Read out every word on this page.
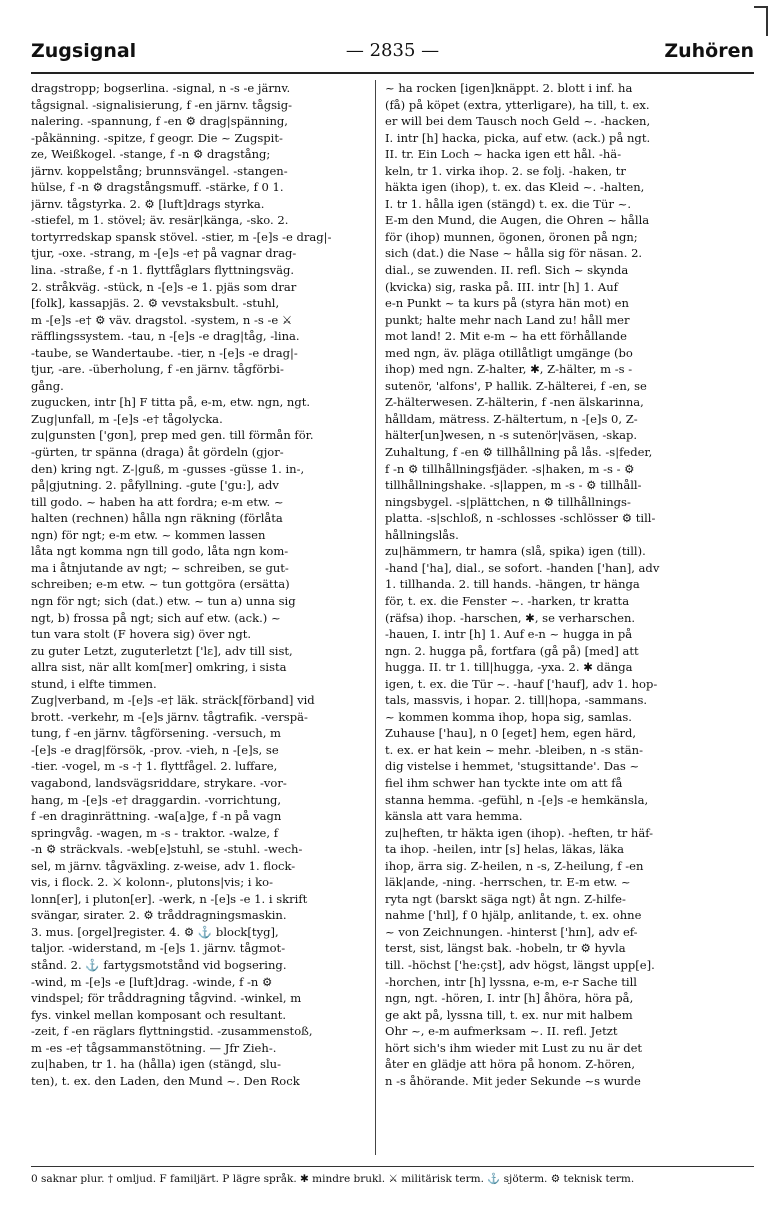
— 2835 —
Zugsignal	Zuhören
dragstropp; bogserlina. -signal, n -s -e järnv.
tågsignal. -signalisierung, f -en järnv. tågsig-
nalering. -spannung, f -en ⚙ drag|spänning,
-påkänning. -spitze, f geogr. Die ~ Zugspit-
ze, Weißkogel. -stange, f -n ⚙ dragstång;
järnv. koppelstång; brunnsvängel. -stangen-
hülse, f -n ⚙ dragstångsmuff. -stärke, f 0 1.
järnv. tågstyrka. 2. ⚙ [luft]drags styrka.
-stiefel, m 1. stövel; äv. resär|känga, -sko. 2.
tortyrredskap spansk stövel. -stier, m -[e]s -e drag|-
tjur, -oxe. -strang, m -[e]s -e† på vagnar drag-
lina. -straße, f -n 1. flyttfåglars flyttningsväg.
2. stråkväg. -stück, n -[e]s -e 1. pjäs som drar
[folk], kassapjäs. 2. ⚙ vevstaksbult. -stuhl,
m -[e]s -e† ⚙ väv. dragstol. -system, n -s -e ⚔
räfflingssystem. -tau, n -[e]s -e drag|tåg, -lina.
-taube, se Wandertaube. -tier, n -[e]s -e drag|-
tjur, -are. -überholung, f -en järnv. tågförbi-
gång.
zugucken, intr [h] F titta på, e-m, etw. ngn, ngt.
Zug|unfall, m -[e]s -e† tågolycka.
zu|gunsten ['gʊn], prep med gen. till förmån för.
-gürten, tr spänna (draga) åt gördeln (gjor-
den) kring ngt. Z-|guß, m -gusses -güsse 1. in-,
på|gjutning. 2. påfyllning. -gute ['gu:], adv
till godo. ~ haben ha att fordra; e-m etw. ~
halten (rechnen) hålla ngn räkning (förlåta
ngn) för ngt; e-m etw. ~ kommen lassen
låta ngt komma ngn till godo, låta ngn kom-
ma i åtnjutande av ngt; ~ schreiben, se gut-
schreiben; e-m etw. ~ tun gottgöra (ersätta)
ngn för ngt; sich (dat.) etw. ~ tun a) unna sig
ngt, b) frossa på ngt; sich auf etw. (ack.) ~
tun vara stolt (F hovera sig) över ngt.
zu guter Letzt, zuguterletzt ['lɛ], adv till sist,
allra sist, när allt kom[mer] omkring, i sista
stund, i elfte timmen.
Zug|verband, m -[e]s -e† läk. sträck[förband] vid
brott. -verkehr, m -[e]s järnv. tågtrafik. -verspä-
tung, f -en järnv. tågförsening. -versuch, m
-[e]s -e drag|försök, -prov. -vieh, n -[e]s, se
-tier. -vogel, m -s -† 1. flyttfågel. 2. luffare,
vagabond, landsvägsriddare, strykare. -vor-
hang, m -[e]s -e† draggardin. -vorrichtung,
f -en draginrättning. -wa[a]ge, f -n på vagn
springvåg. -wagen, m -s - traktor. -walze, f
-n ⚙ sträckvals. -web[e]stuhl, se -stuhl. -wech-
sel, m järnv. tågväxling. z-weise, adv 1. flock-
vis, i flock. 2. ⚔ kolonn-, plutons|vis; i ko-
lonn[er], i pluton[er]. -werk, n -[e]s -e 1. i skrift
svängar, sirater. 2. ⚙ tråddragningsmaskin.
3. mus. [orgel]register. 4. ⚙ ⚓ block[tyg],
taljor. -widerstand, m -[e]s 1. järnv. tågmot-
stånd. 2. ⚓ fartygsmotstånd vid bogsering.
-wind, m -[e]s -e [luft]drag. -winde, f -n ⚙
vindspel; för tråddragning tågvind. -winkel, m
fys. vinkel mellan komposant och resultant.
-zeit, f -en räglars flyttningstid. -zusammenstoß,
m -es -e† tågsammanstötning. — Jfr Zieh-.
zu|haben, tr 1. ha (hålla) igen (stängd, slu-
ten), t. ex. den Laden, den Mund ~. Den Rock
~ ha rocken [igen]knäppt. 2. blott i inf. ha
(få) på köpet (extra, ytterligare), ha till, t. ex.
er will bei dem Tausch noch Geld ~. -hacken,
I. intr [h] hacka, picka, auf etw. (ack.) på ngt.
II. tr. Ein Loch ~ hacka igen ett hål. -hä-
keln, tr 1. virka ihop. 2. se folj. -haken, tr
häkta igen (ihop), t. ex. das Kleid ~. -halten,
I. tr 1. hålla igen (stängd) t. ex. die Tür ~.
E-m den Mund, die Augen, die Ohren ~ hålla
för (ihop) munnen, ögonen, öronen på ngn;
sich (dat.) die Nase ~ hålla sig för näsan. 2.
dial., se zuwenden. II. refl. Sich ~ skynda
(kvicka) sig, raska på. III. intr [h] 1. Auf
e-n Punkt ~ ta kurs på (styra hän mot) en
punkt; halte mehr nach Land zu! håll mer
mot land! 2. Mit e-m ~ ha ett förhållande
med ngn, äv. pläga otillåtligt umgänge (bo
ihop) med ngn. Z-halter, ✱, Z-hälter, m -s -
sutenör, 'alfons', P hallik. Z-hälterei, f -en, se
Z-hälterwesen. Z-hälterin, f -nen älskarinna,
hålldam, mätress. Z-hältertum, n -[e]s 0, Z-
hälter[un]wesen, n -s sutenör|väsen, -skap.
Zuhaltung, f -en ⚙ tillhållning på lås. -s|feder,
f -n ⚙ tillhållningsfjäder. -s|haken, m -s - ⚙
tillhållningshake. -s|lappen, m -s - ⚙ tillhåll-
ningsbygel. -s|plättchen, n ⚙ tillhållnings-
platta. -s|schloß, n -schlosses -schlösser ⚙ till-
hållningslås.
zu|hämmern, tr hamra (slå, spika) igen (till).
-hand ['ha], dial., se sofort. -handen ['han], adv
1. tillhanda. 2. till hands. -hängen, tr hänga
för, t. ex. die Fenster ~. -harken, tr kratta
(räfsa) ihop. -harschen, ✱, se verharschen.
-hauen, I. intr [h] 1. Auf e-n ~ hugga in på
ngn. 2. hugga på, fortfara (gå på) [med] att
hugga. II. tr 1. till|hugga, -yxa. 2. ✱ dänga
igen, t. ex. die Tür ~. -hauf ['hauf], adv 1. hop-
tals, massvis, i hopar. 2. till|hopa, -sammans.
~ kommen komma ihop, hopa sig, samlas.
Zuhause ['hau], n 0 [eget] hem, egen härd,
t. ex. er hat kein ~ mehr. -bleiben, n -s stän-
dig vistelse i hemmet, 'stugsittande'. Das ~
fiel ihm schwer han tyckte inte om att få
stanna hemma. -gefühl, n -[e]s -e hemkänsla,
känsla att vara hemma.
zu|heften, tr häkta igen (ihop). -heften, tr häf-
ta ihop. -heilen, intr [s] helas, läkas, läka
ihop, ärra sig. Z-heilen, n -s, Z-heilung, f -en
läk|ande, -ning. -herrschen, tr. E-m etw. ~
ryta ngt (barskt säga ngt) åt ngn. Z-hilfe-
nahme ['hɪl], f 0 hjälp, anlitande, t. ex. ohne
~ von Zeichnungen. -hinterst ['hɪn], adv ef-
terst, sist, längst bak. -hobeln, tr ⚙ hyvla
till. -höchst ['he:çst], adv högst, längst upp[e].
-horchen, intr [h] lyssna, e-m, e-r Sache till
ngn, ngt. -hören, I. intr [h] åhöra, höra på,
ge akt på, lyssna till, t. ex. nur mit halbem
Ohr ~, e-m aufmerksam ~. II. refl. Jetzt
hört sich's ihm wieder mit Lust zu nu är det
åter en glädje att höra på honom. Z-hören,
n -s åhörande. Mit jeder Sekunde ~s wurde
0 saknar plur. † omljud. F familjärt. P lägre språk. ✱ mindre brukl. ⚔ militärisk term. ⚓ sjöterm. ⚙ teknisk term.
